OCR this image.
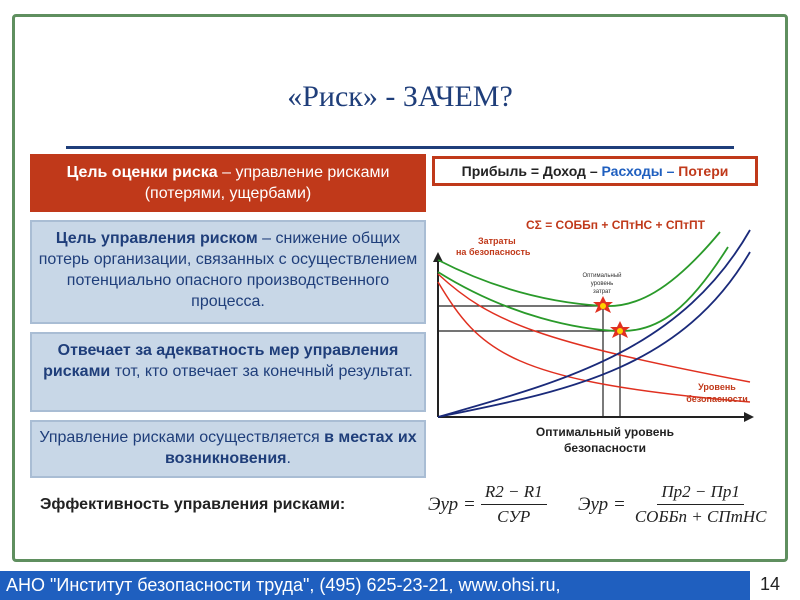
«Риск» - ЗАЧЕМ?
Цель оценки риска – управление рисками (потерями, ущербами)
Цель управления риском – снижение общих потерь организации, связанных с осуществлением потенциально опасного производственного процесса.
Отвечает за адекватность мер управления рисками тот, кто отвечает за конечный результат.
Управление рисками осуществляется в местах их возникновения.
Прибыль = Доход – Расходы – Потери
CΣ = CОББп + CПтНС + CПтПТ
Затраты
на безопасность
Оптимальный
уровень
затрат
Уровень
безопасности
Оптимальный уровень
безопасности
Эффективность управления рисками:	Эур = $\frac{R2 - R1}{\text{CУР}}$ Эур = $\frac{Пр2 - Пр1}{\text{CОББп + CПтНС}}$
АНО "Институт безопасности труда", (495) 625-23-21, www.ohsi.ru,	14
